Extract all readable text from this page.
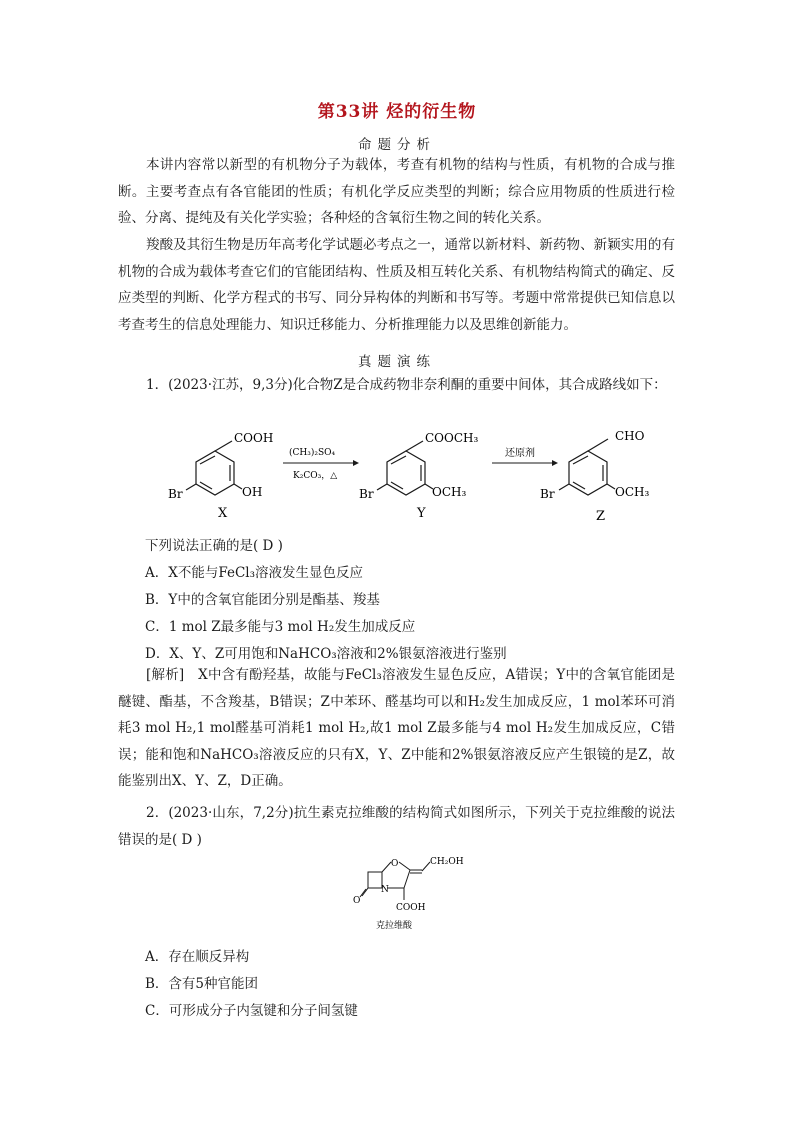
第33讲 烃的衍生物
命题分析
本讲内容常以新型的有机物分子为载体，考查有机物的结构与性质，有机物的合成与推断。主要考查点有各官能团的性质；有机化学反应类型的判断；综合应用物质的性质进行检验、分离、提纯及有关化学实验；各种烃的含氧衍生物之间的转化关系。
羧酸及其衍生物是历年高考化学试题必考点之一，通常以新材料、新药物、新颖实用的有机物的合成为载体考查它们的官能团结构、性质及相互转化关系、有机物结构简式的确定、反应类型的判断、化学方程式的书写、同分异构体的判断和书写等。考题中常常提供已知信息以考查考生的信息处理能力、知识迁移能力、分析推理能力以及思维创新能力。
真题演练
1．(2023·江苏，9,3分)化合物Z是合成药物非奈利酮的重要中间体，其合成路线如下：
COOH
OH
Br
X
(CH₃)₂SO₄
K₂CO₃，△
COOCH₃
OCH₃
Br
Y
还原剂
CHO
OCH₃
Br
Z
下列说法正确的是( D )
A．X不能与FeCl₃溶液发生显色反应
B．Y中的含氧官能团分别是酯基、羧基
C．1 mol Z最多能与3 mol H₂发生加成反应
D．X、Y、Z可用饱和NaHCO₃溶液和2%银氨溶液进行鉴别
[解析]　X中含有酚羟基，故能与FeCl₃溶液发生显色反应，A错误；Y中的含氧官能团是醚键、酯基，不含羧基，B错误；Z中苯环、醛基均可以和H₂发生加成反应，1 mol苯环可消耗3 mol H₂,1 mol醛基可消耗1 mol H₂,故1 mol Z最多能与4 mol H₂发生加成反应，C错误；能和饱和NaHCO₃溶液反应的只有X，Y、Z中能和2%银氨溶液反应产生银镜的是Z，故能鉴别出X、Y、Z，D正确。
2．(2023·山东，7,2分)抗生素克拉维酸的结构简式如图所示，下列关于克拉维酸的说法错误的是( D )
O
N
O
CH₂OH
COOH
克拉维酸
A．存在顺反异构
B．含有5种官能团
C．可形成分子内氢键和分子间氢键
